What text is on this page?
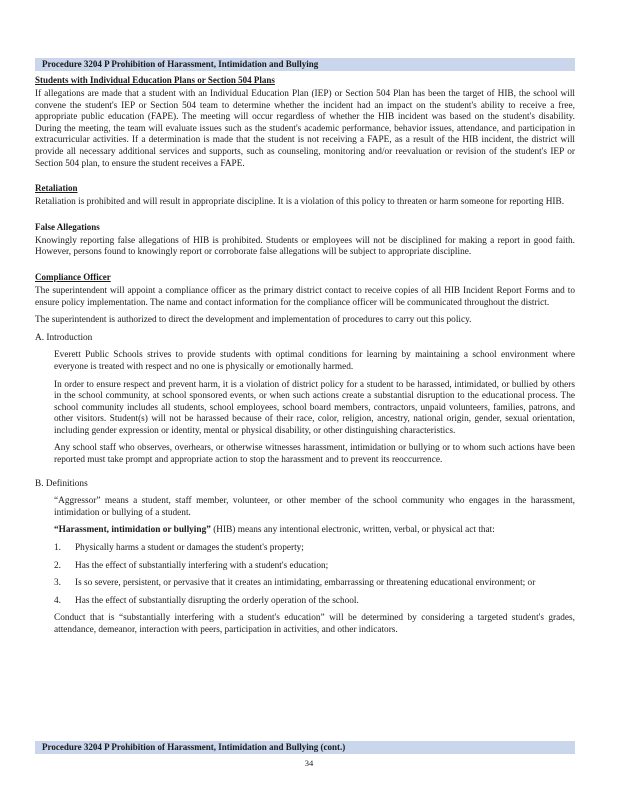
Procedure 3204 P Prohibition of Harassment, Intimidation and Bullying
Students with Individual Education Plans or Section 504 Plans

If allegations are made that a student with an Individual Education Plan (IEP) or Section 504 Plan has been the target of HIB, the school will convene the student's IEP or Section 504 team to determine whether the incident had an impact on the student's ability to receive a free, appropriate public education (FAPE). The meeting will occur regardless of whether the HIB incident was based on the student's disability. During the meeting, the team will evaluate issues such as the student's academic performance, behavior issues, attendance, and participation in extracurricular activities. If a determination is made that the student is not receiving a FAPE, as a result of the HIB incident, the district will provide all necessary additional services and supports, such as counseling, monitoring and/or reevaluation or revision of the student's IEP or Section 504 plan, to ensure the student receives a FAPE.

Retaliation

Retaliation is prohibited and will result in appropriate discipline. It is a violation of this policy to threaten or harm someone for reporting HIB.

False Allegations

Knowingly reporting false allegations of HIB is prohibited. Students or employees will not be disciplined for making a report in good faith. However, persons found to knowingly report or corroborate false allegations will be subject to appropriate discipline.

Compliance Officer

The superintendent will appoint a compliance officer as the primary district contact to receive copies of all HIB Incident Report Forms and to ensure policy implementation. The name and contact information for the compliance officer will be communicated throughout the district.

The superintendent is authorized to direct the development and implementation of procedures to carry out this policy.

A. Introduction

Everett Public Schools strives to provide students with optimal conditions for learning by maintaining a school environment where everyone is treated with respect and no one is physically or emotionally harmed.

In order to ensure respect and prevent harm, it is a violation of district policy for a student to be harassed, intimidated, or bullied by others in the school community, at school sponsored events, or when such actions create a substantial disruption to the educational process. The school community includes all students, school employees, school board members, contractors, unpaid volunteers, families, patrons, and other visitors. Student(s) will not be harassed because of their race, color, religion, ancestry, national origin, gender, sexual orientation, including gender expression or identity, mental or physical disability, or other distinguishing characteristics.

Any school staff who observes, overhears, or otherwise witnesses harassment, intimidation or bullying or to whom such actions have been reported must take prompt and appropriate action to stop the harassment and to prevent its reoccurrence.

B. Definitions

“Aggressor” means a student, staff member, volunteer, or other member of the school community who engages in the harassment, intimidation or bullying of a student.

“Harassment, intimidation or bullying” (HIB) means any intentional electronic, written, verbal, or physical act that:

1.	Physically harms a student or damages the student's property;
2.	Has the effect of substantially interfering with a student's education;
3.	Is so severe, persistent, or pervasive that it creates an intimidating, embarrassing or threatening educational environment; or
4.	Has the effect of substantially disrupting the orderly operation of the school.

Conduct that is “substantially interfering with a student's education” will be determined by considering a targeted student's grades, attendance, demeanor, interaction with peers, participation in activities, and other indicators.

Procedure 3204 P Prohibition of Harassment, Intimidation and Bullying (cont.)
34
